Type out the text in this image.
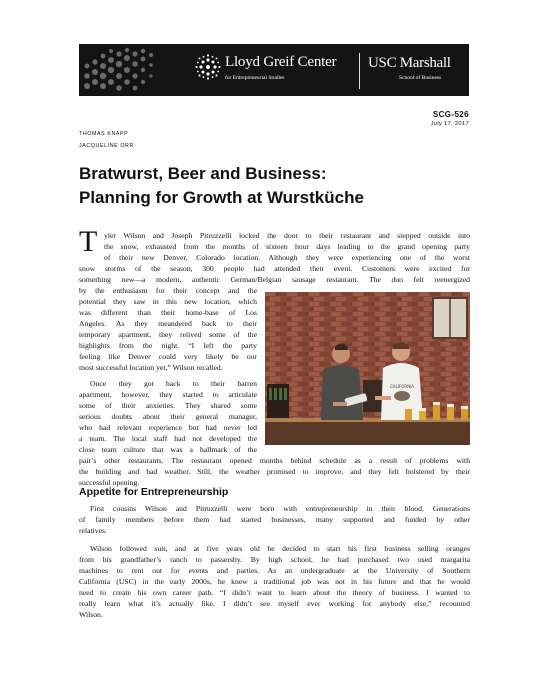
Lloyd Greif Center
for Entrepreneurial Studies
USC Marshall
School of Business
SCG-526
July 17, 2017
THOMAS KNAPP
JACQUELINE ORR
Bratwurst, Beer and Business:
Planning for Growth at Wurstküche
T yler Wilson and Joseph Pitruzzelli locked the door to their restaurant and stepped outside into
the snow, exhausted from the months of sixteen hour days leading to the grand opening party
of their new Denver, Colorado location. Although they were experiencing one of the worst
snow storms of the season, 300 people had attended their event. Customers were excited for
something new—a modern, authentic German/Belgian sausage restaurant. The duo felt reenergized
by the enthusiasm for their concept and the
potential they saw in this new location, which
was different than their home-base of Los
Angeles. As they meandered back to their
temporary apartment, they relived some of the
highlights from the night. “I left the party
feeling like Denver could very likely be our
most successful location yet,” Wilson recalled.
Once they got back to their barren
apartment, however, they started to articulate
some of their anxieties. They shared some
serious doubts about their general manager,
who had relevant experience but had never led
a team. The local staff had not developed the
close team culture that was a hallmark of the
pair’s other restaurants. The restaurant opened months behind schedule as a result of problems with
the building and bad weather. Still, the weather promised to improve, and they felt bolstered by their
successful opening.
CALIFORNIA
Appetite for Entrepreneurship
First cousins Wilson and Pitruzzelli were born with entrepreneurship in their blood. Generations
of family members before them had started businesses, many supported and funded by other
relatives.
Wilson followed suit, and at five years old he decided to start his first business selling oranges
from his grandfather’s ranch to passersby. By high school, he had purchased two used margarita
machines to rent out for events and parties. As an undergraduate at the University of Southern
California (USC) in the early 2000s, he knew a traditional job was not in his future and that he would
need to create his own career path. “I didn’t want to learn about the theory of business. I wanted to
really learn what it’s actually like. I didn’t see myself ever working for anybody else,” recounted
Wilson.
